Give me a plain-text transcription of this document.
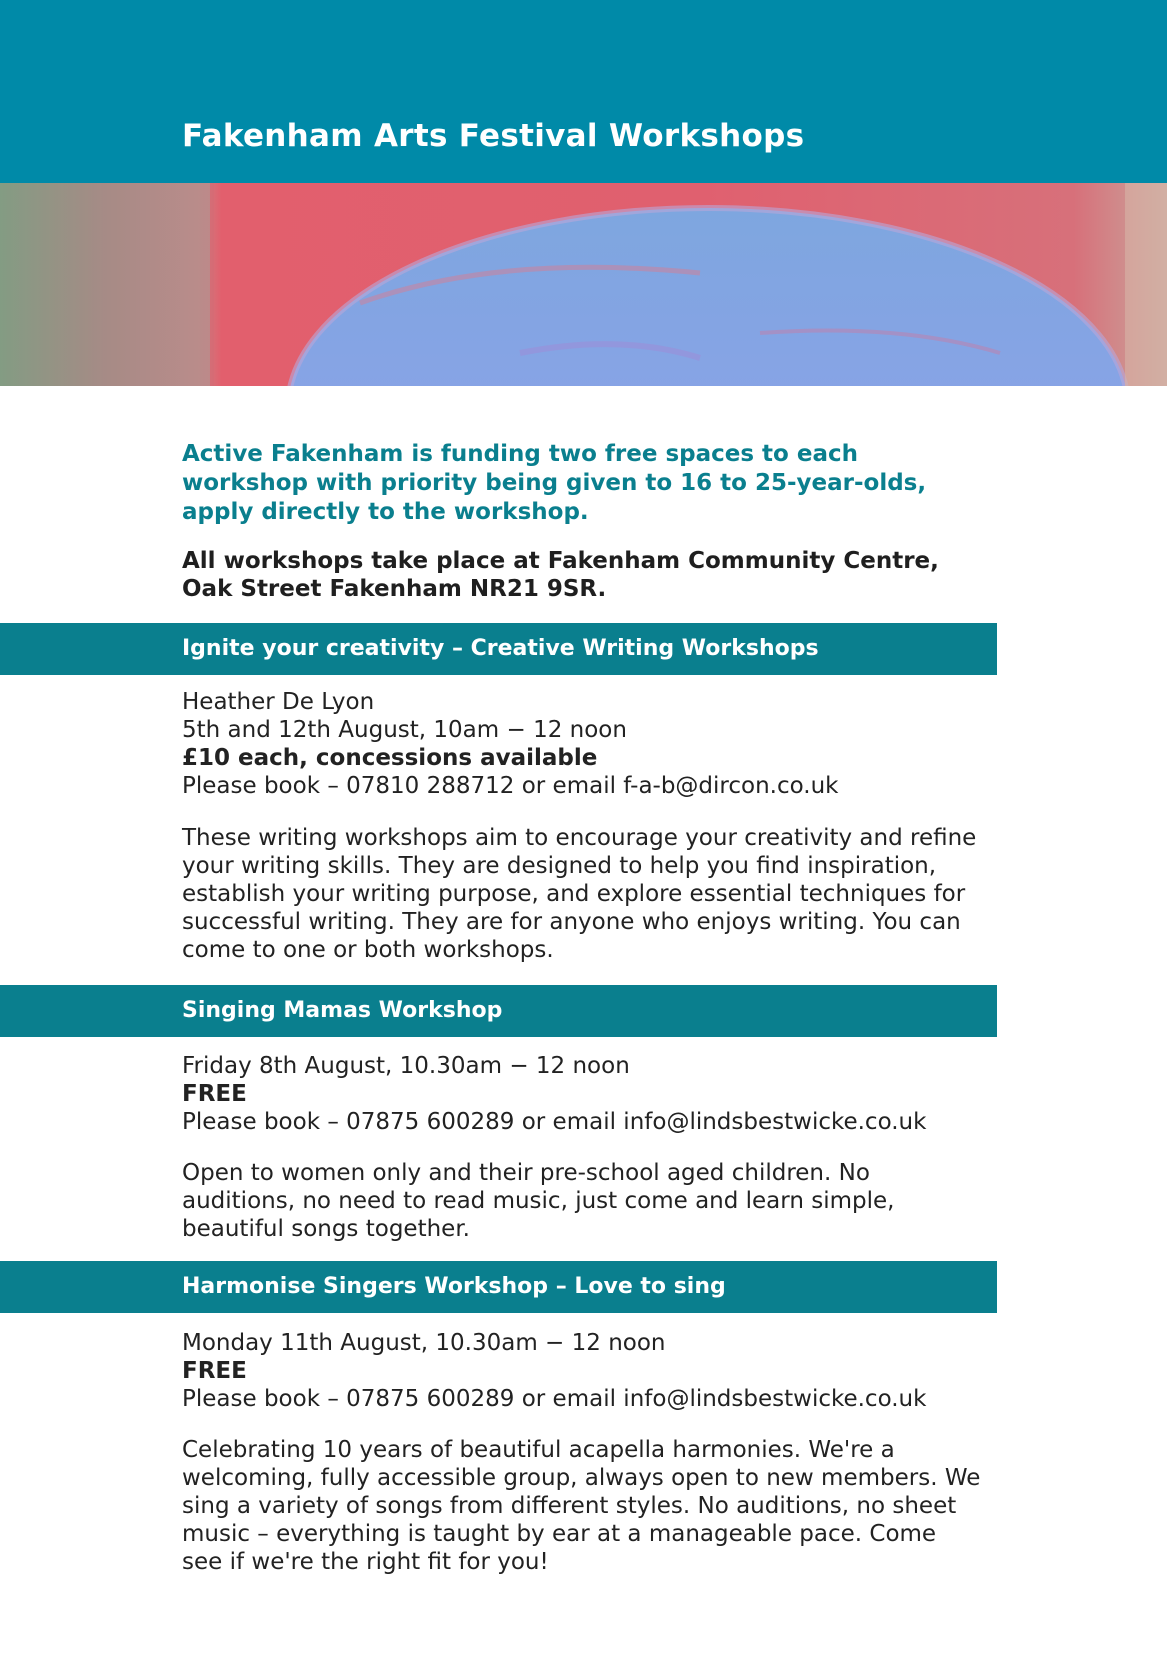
Fakenham Arts Festival Workshops
Active Fakenham is funding two free spaces to each
workshop with priority being given to 16 to 25-year-olds,
apply directly to the workshop.
All workshops take place at Fakenham Community Centre,
Oak Street Fakenham NR21 9SR.
Ignite your creativity – Creative Writing Workshops
Heather De Lyon
5th and 12th August, 10am − 12 noon
£10 each, concessions available
Please book – 07810 288712 or email f-a-b@dircon.co.uk

These writing workshops aim to encourage your creativity and refine your writing skills. They are designed to help you find inspiration, establish your writing purpose, and explore essential techniques for successful writing. They are for anyone who enjoys writing. You can come to one or both workshops.

Singing Mamas Workshop
Friday 8th August, 10.30am − 12 noon
FREE
Please book – 07875 600289 or email info@lindsbestwicke.co.uk

Open to women only and their pre-school aged children. No auditions, no need to read music, just come and learn simple, beautiful songs together.

Harmonise Singers Workshop – Love to sing
Monday 11th August, 10.30am − 12 noon
FREE
Please book – 07875 600289 or email info@lindsbestwicke.co.uk

Celebrating 10 years of beautiful acapella harmonies. We're a welcoming, fully accessible group, always open to new members. We sing a variety of songs from different styles. No auditions, no sheet music – everything is taught by ear at a manageable pace. Come see if we're the right fit for you!
